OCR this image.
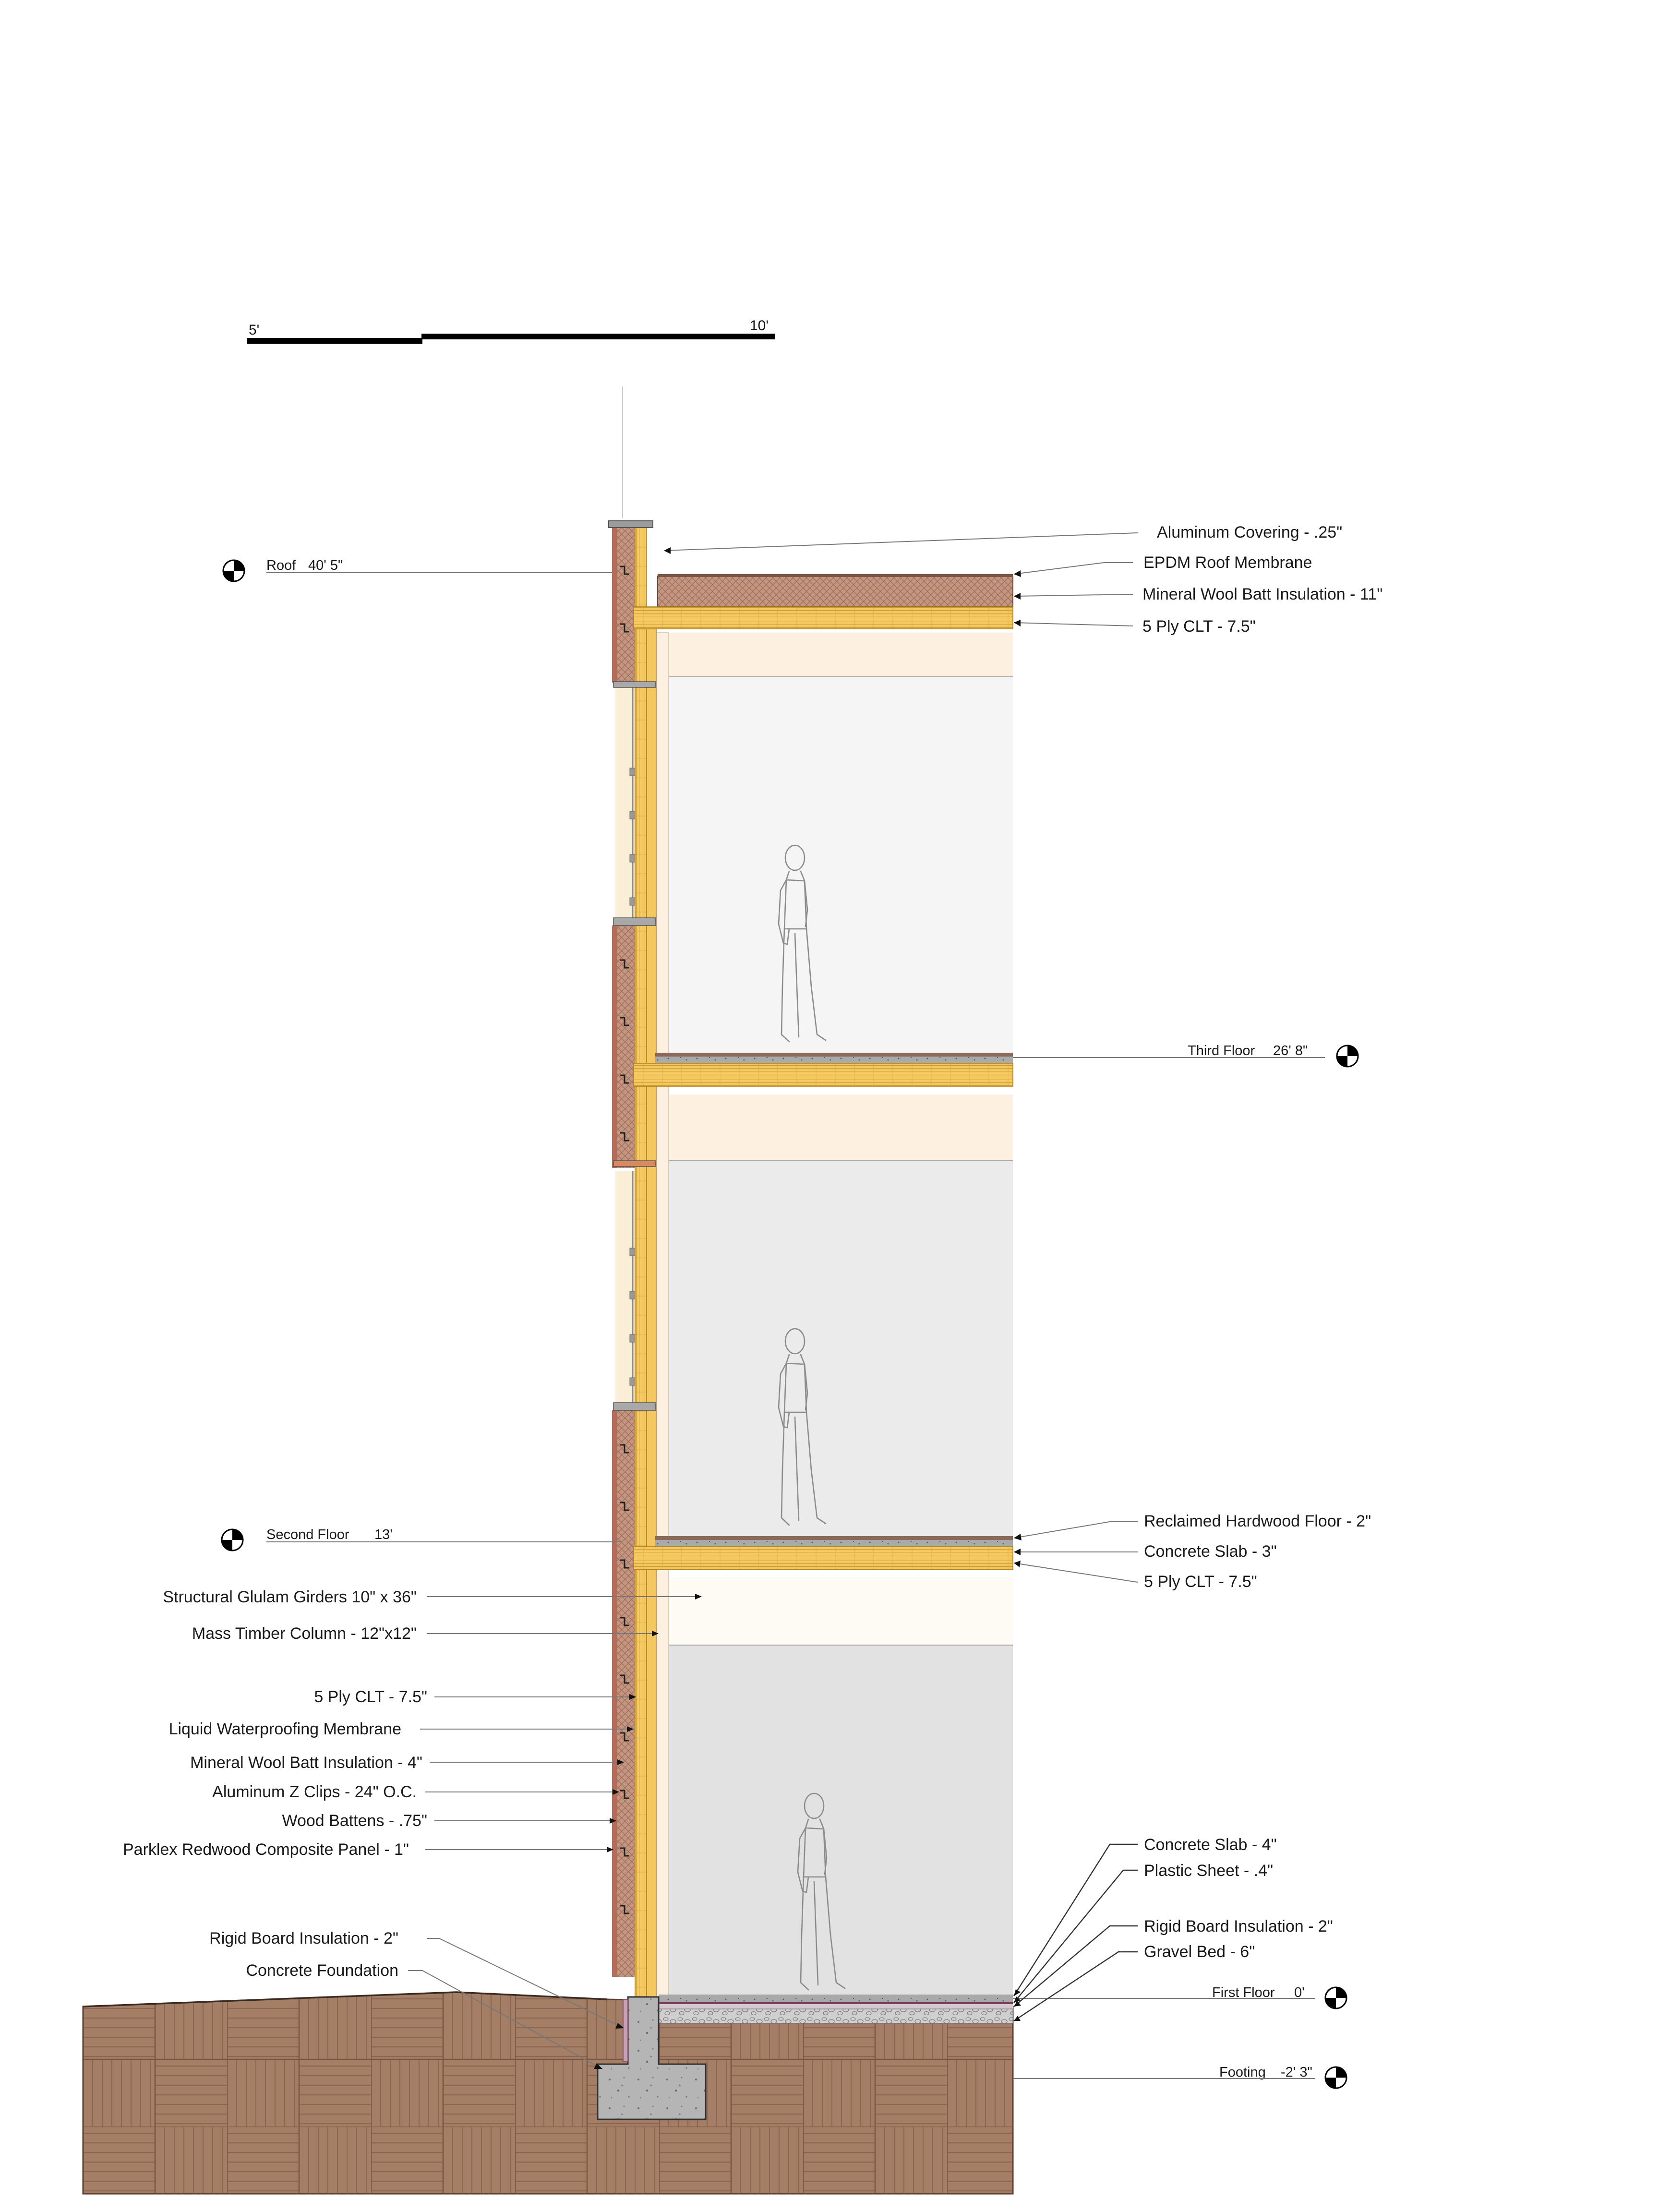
5'	10'
Roof 40' 5"
Third Floor 26' 8"
Second Floor 13'
First Floor 0'
Footing -2' 3"
Aluminum Covering - .25"
EPDM Roof Membrane
Mineral Wool Batt Insulation - 11"
5 Ply CLT - 7.5"
Reclaimed Hardwood Floor - 2"
Concrete Slab - 3"
5 Ply CLT - 7.5"
Structural Glulam Girders 10" x 36"
Mass Timber Column - 12"x12"
5 Ply CLT - 7.5"
Liquid Waterproofing Membrane
Mineral Wool Batt Insulation - 4"
Aluminum Z Clips - 24" O.C.
Wood Battens - .75"
Parklex Redwood Composite Panel - 1"
Rigid Board Insulation - 2"
Concrete Foundation
Concrete Slab - 4"
Plastic Sheet - .4"
Rigid Board Insulation - 2"
Gravel Bed - 6"
